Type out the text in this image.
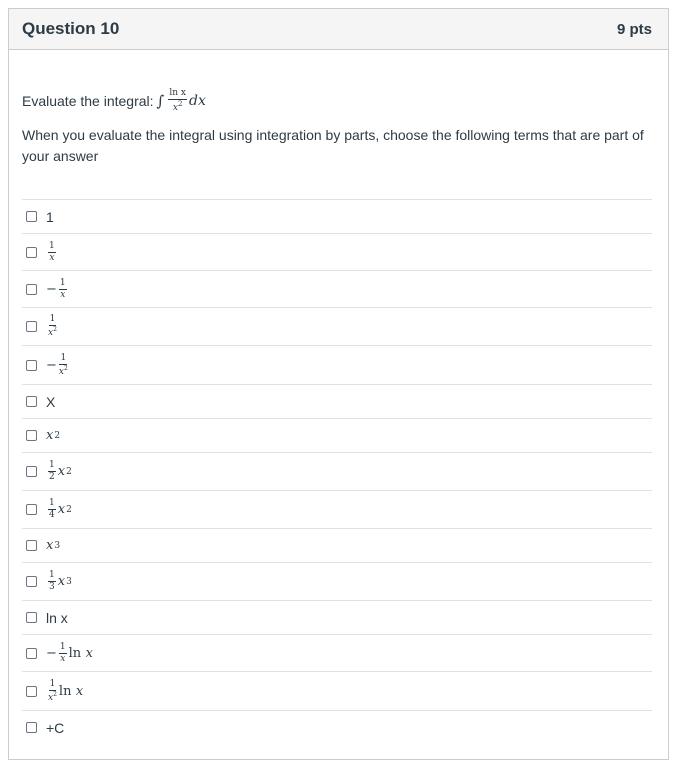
Question 10	9 pts
Evaluate the integral: ∫ $\frac{\text{ln x}}{x^2}$ dx
When you evaluate the integral using integration by parts, choose the following terms that are part of your answer
1
$\frac{1}{x}$
− $\frac{1}{x}$
$\frac{1}{x^2}$
− $\frac{1}{x^2}$
X
x 2
$\frac{1}{2}$ x 2
$\frac{1}{4}$ x 2
x 3
$\frac{1}{3}$ x 3
ln x
− $\frac{1}{x}$ ln
x
$\frac{1}{x^2}$ ln
x
+C
